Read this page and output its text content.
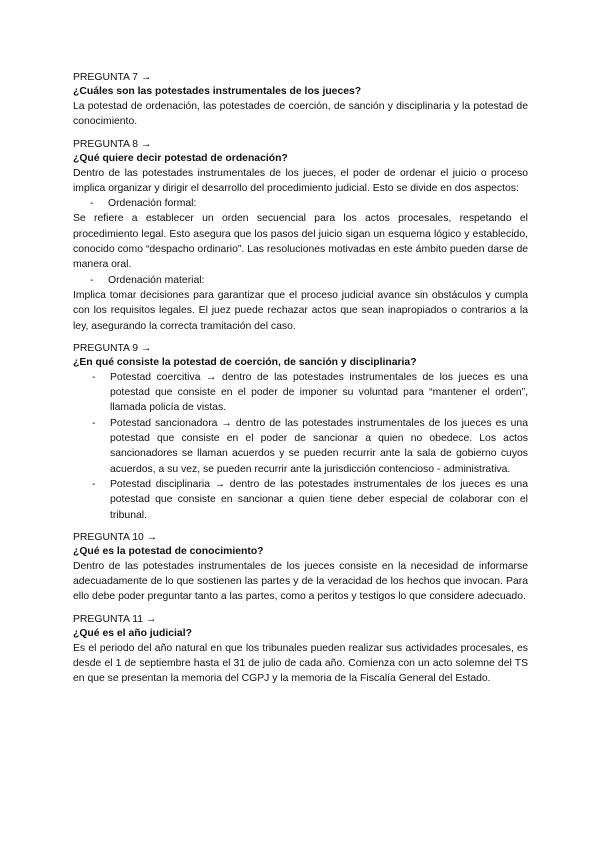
PREGUNTA 7 →

¿Cuáles son las potestades instrumentales de los jueces?

La potestad de ordenación, las potestades de coerción, de sanción y disciplinaria y la potestad de conocimiento.

PREGUNTA 8 →

¿Qué quiere decir potestad de ordenación?

Dentro de las potestades instrumentales de los jueces, el poder de ordenar el juicio o proceso implica organizar y dirigir el desarrollo del procedimiento judicial. Esto se divide en dos aspectos:

-	Ordenación formal:

Se refiere a establecer un orden secuencial para los actos procesales, respetando el procedimiento legal. Esto asegura que los pasos del juicio sigan un esquema lógico y establecido, conocido como “despacho ordinario”. Las resoluciones motivadas en este ámbito pueden darse de manera oral.

-	Ordenación material:

Implica tomar decisiones para garantizar que el proceso judicial avance sin obstáculos y cumpla con los requisitos legales. El juez puede rechazar actos que sean inapropiados o contrarios a la ley, asegurando la correcta tramitación del caso.

PREGUNTA 9 →

¿En qué consiste la potestad de coerción, de sanción y disciplinaria?

-	Potestad coercitiva → dentro de las potestades instrumentales de los jueces es una potestad que consiste en el poder de imponer su voluntad para “mantener el orden”, llamada policía de vistas.
-	Potestad sancionadora → dentro de las potestades instrumentales de los jueces es una potestad que consiste en el poder de sancionar a quien no obedece. Los actos sancionadores se llaman acuerdos y se pueden recurrir ante la sala de gobierno cuyos acuerdos, a su vez, se pueden recurrir ante la jurisdicción contencioso - administrativa.
-	Potestad disciplinaria → dentro de las potestades instrumentales de los jueces es una potestad que consiste en sancionar a quien tiene deber especial de colaborar con el tribunal.

PREGUNTA 10 →

¿Qué es la potestad de conocimiento?

Dentro de las potestades instrumentales de los jueces consiste en la necesidad de informarse adecuadamente de lo que sostienen las partes y de la veracidad de los hechos que invocan. Para ello debe poder preguntar tanto a las partes, como a peritos y testigos lo que considere adecuado.

PREGUNTA 11 →

¿Qué es el año judicial?

Es el periodo del año natural en que los tribunales pueden realizar sus actividades procesales, es desde el 1 de septiembre hasta el 31 de julio de cada año. Comienza con un acto solemne del TS en que se presentan la memoria del CGPJ y la memoria de la Fiscalía General del Estado.
